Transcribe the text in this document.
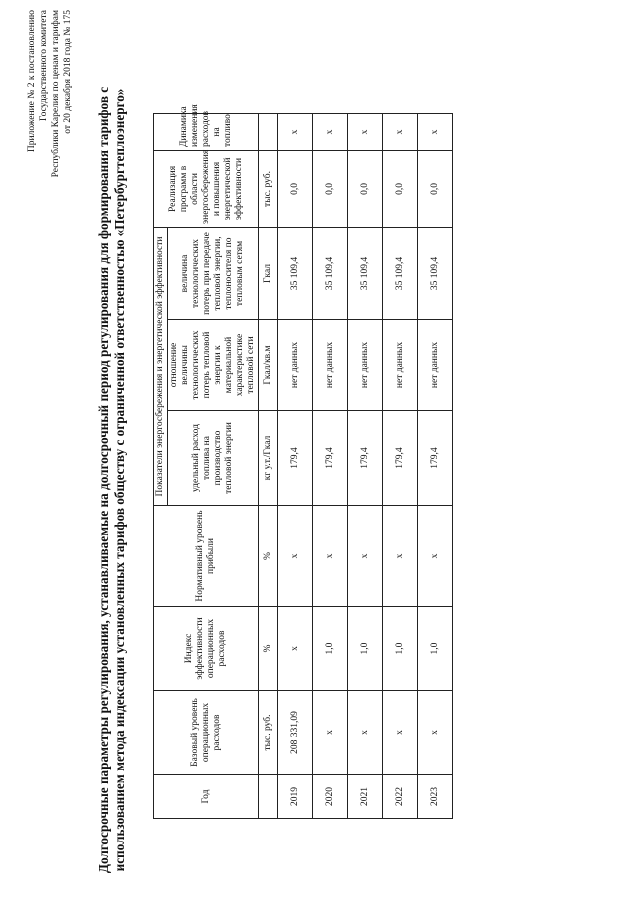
Приложение № 2 к постановлению Государственного комитета Республики Карелия по ценам и тарифам от 20 декабря 2018 года № 175
Долгосрочные параметры регулирования, устанавливаемые на долгосрочный период регулирования для формирования тарифов с использованием метода индексации установленных тарифов обществу с ограниченной ответственностью «Петербургтеплоэнерго»	Год	Базовый уровень операционных расходов	Индекс эффективности операционных расходов	Нормативный уровень прибыли	Показатели энергосбережения и энергетической эффективности			Реализация программ в области энергосбережения и повышения энергетической эффективности	Динамика изменения расходов на топливо
				удельный расход топлива на производство тепловой энергии	отношение величины технологических потерь тепловой энергии к материальной характеристике тепловой сети	величина технологических потерь при передаче тепловой энергии, теплоносителя по тепловым сетям		
	тыс. руб.	%	%	кг у.т./Гкал	Гкал/кв.м	Гкал	тыс. руб.	
2019	208 331,09	х	х	179,4	нет данных	35 109,4	0,0	х
2020	х	1,0	х	179,4	нет данных	35 109,4	0,0	х
2021	х	1,0	х	179,4	нет данных	35 109,4	0,0	х
2022	х	1,0	х	179,4	нет данных	35 109,4	0,0	х
2023	х	1,0	х	179,4	нет данных	35 109,4	0,0	х
